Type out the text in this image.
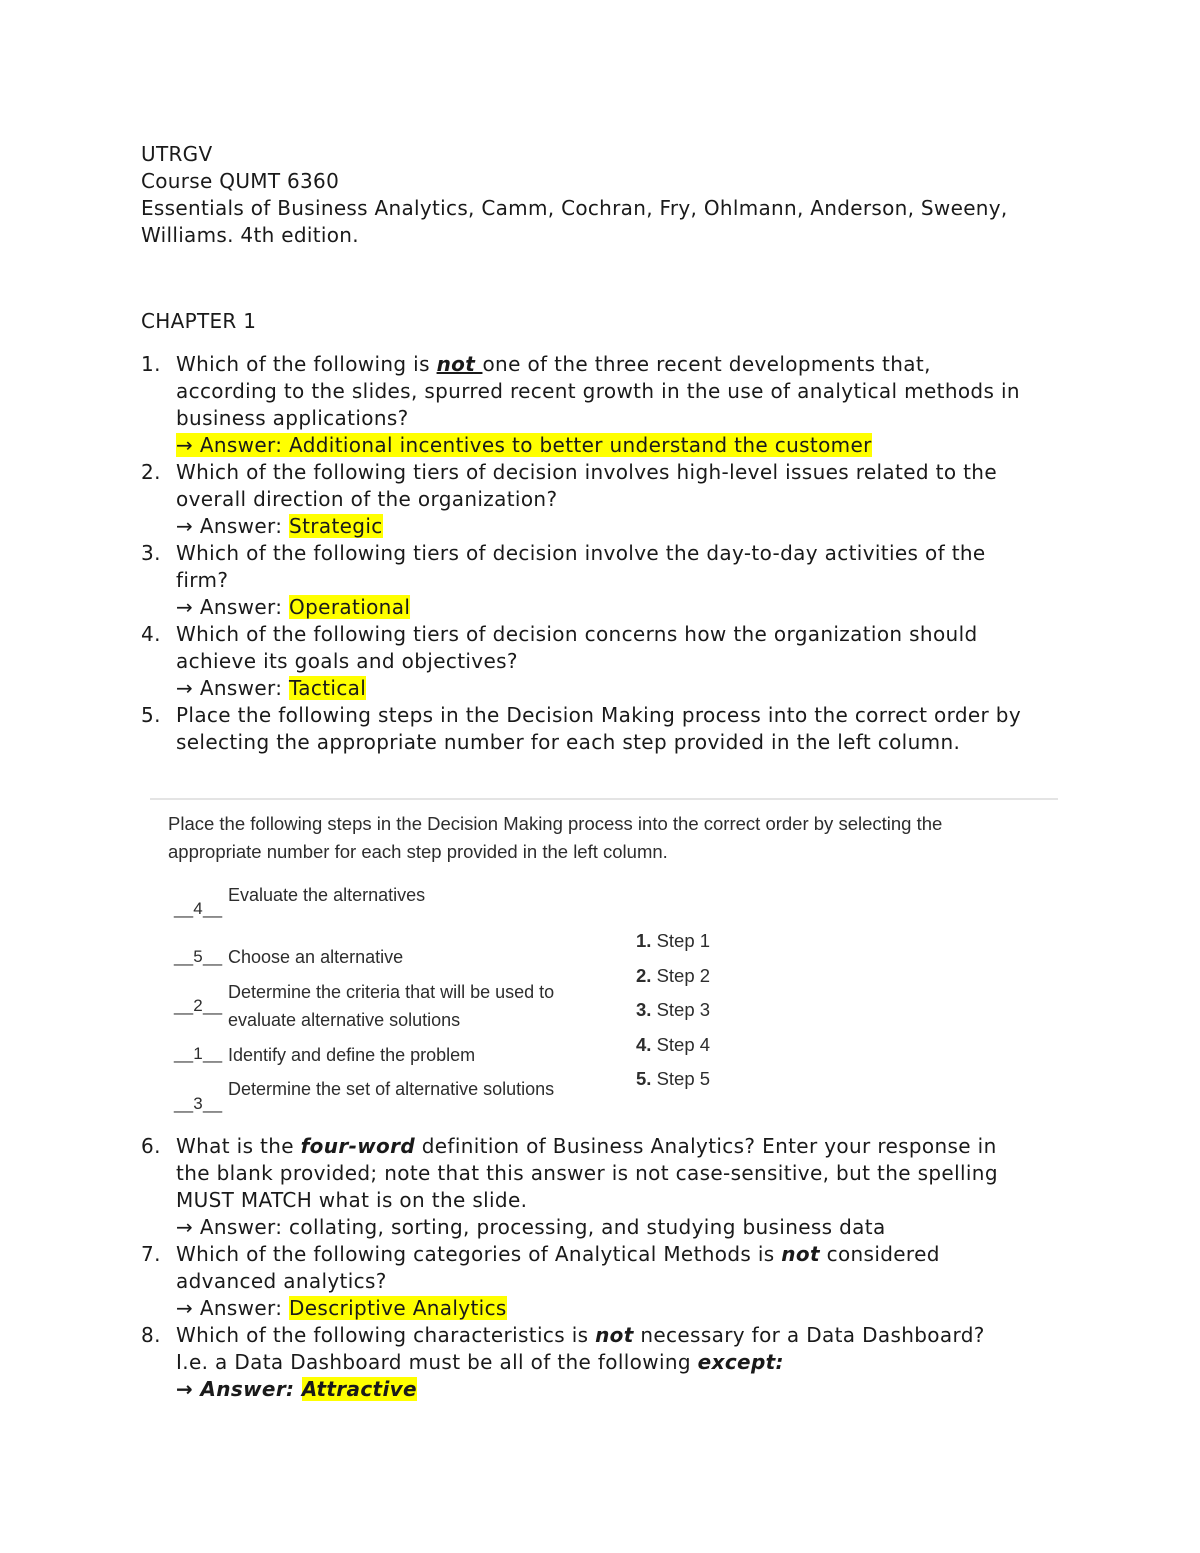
UTRGV
Course QUMT 6360
Essentials of Business Analytics, Camm, Cochran, Fry, Ohlmann, Anderson, Sweeny,
Williams. 4th edition.
CHAPTER 1
1. Which of the following is not one of the three recent developments that,
according to the slides, spurred recent growth in the use of analytical methods in
business applications?
→ Answer: Additional incentives to better understand the customer
2. Which of the following tiers of decision involves high-level issues related to the
overall direction of the organization?
→ Answer: Strategic
3. Which of the following tiers of decision involve the day-to-day activities of the
firm?
→ Answer: Operational
4. Which of the following tiers of decision concerns how the organization should
achieve its goals and objectives?
→ Answer: Tactical
5. Place the following steps in the Decision Making process into the correct order by
selecting the appropriate number for each step provided in the left column.
Place the following steps in the Decision Making process into the correct order by selecting the
appropriate number for each step provided in the left column.
__4__
Evaluate the alternatives
__5__ Choose an alternative
__2__
Determine the criteria that will be used to
evaluate alternative solutions
__1__ Identify and define the problem
__3__
Determine the set of alternative solutions
1. Step 1
2. Step 2
3. Step 3
4. Step 4
5. Step 5
6. What is the four-word definition of Business Analytics? Enter your response in
the blank provided; note that this answer is not case-sensitive, but the spelling
MUST MATCH what is on the slide.
→ Answer: collating, sorting, processing, and studying business data
7. Which of the following categories of Analytical Methods is not considered
advanced analytics?
→ Answer: Descriptive Analytics
8. Which of the following characteristics is not necessary for a Data Dashboard?
I.e. a Data Dashboard must be all of the following except:
→ Answer: Attractive
